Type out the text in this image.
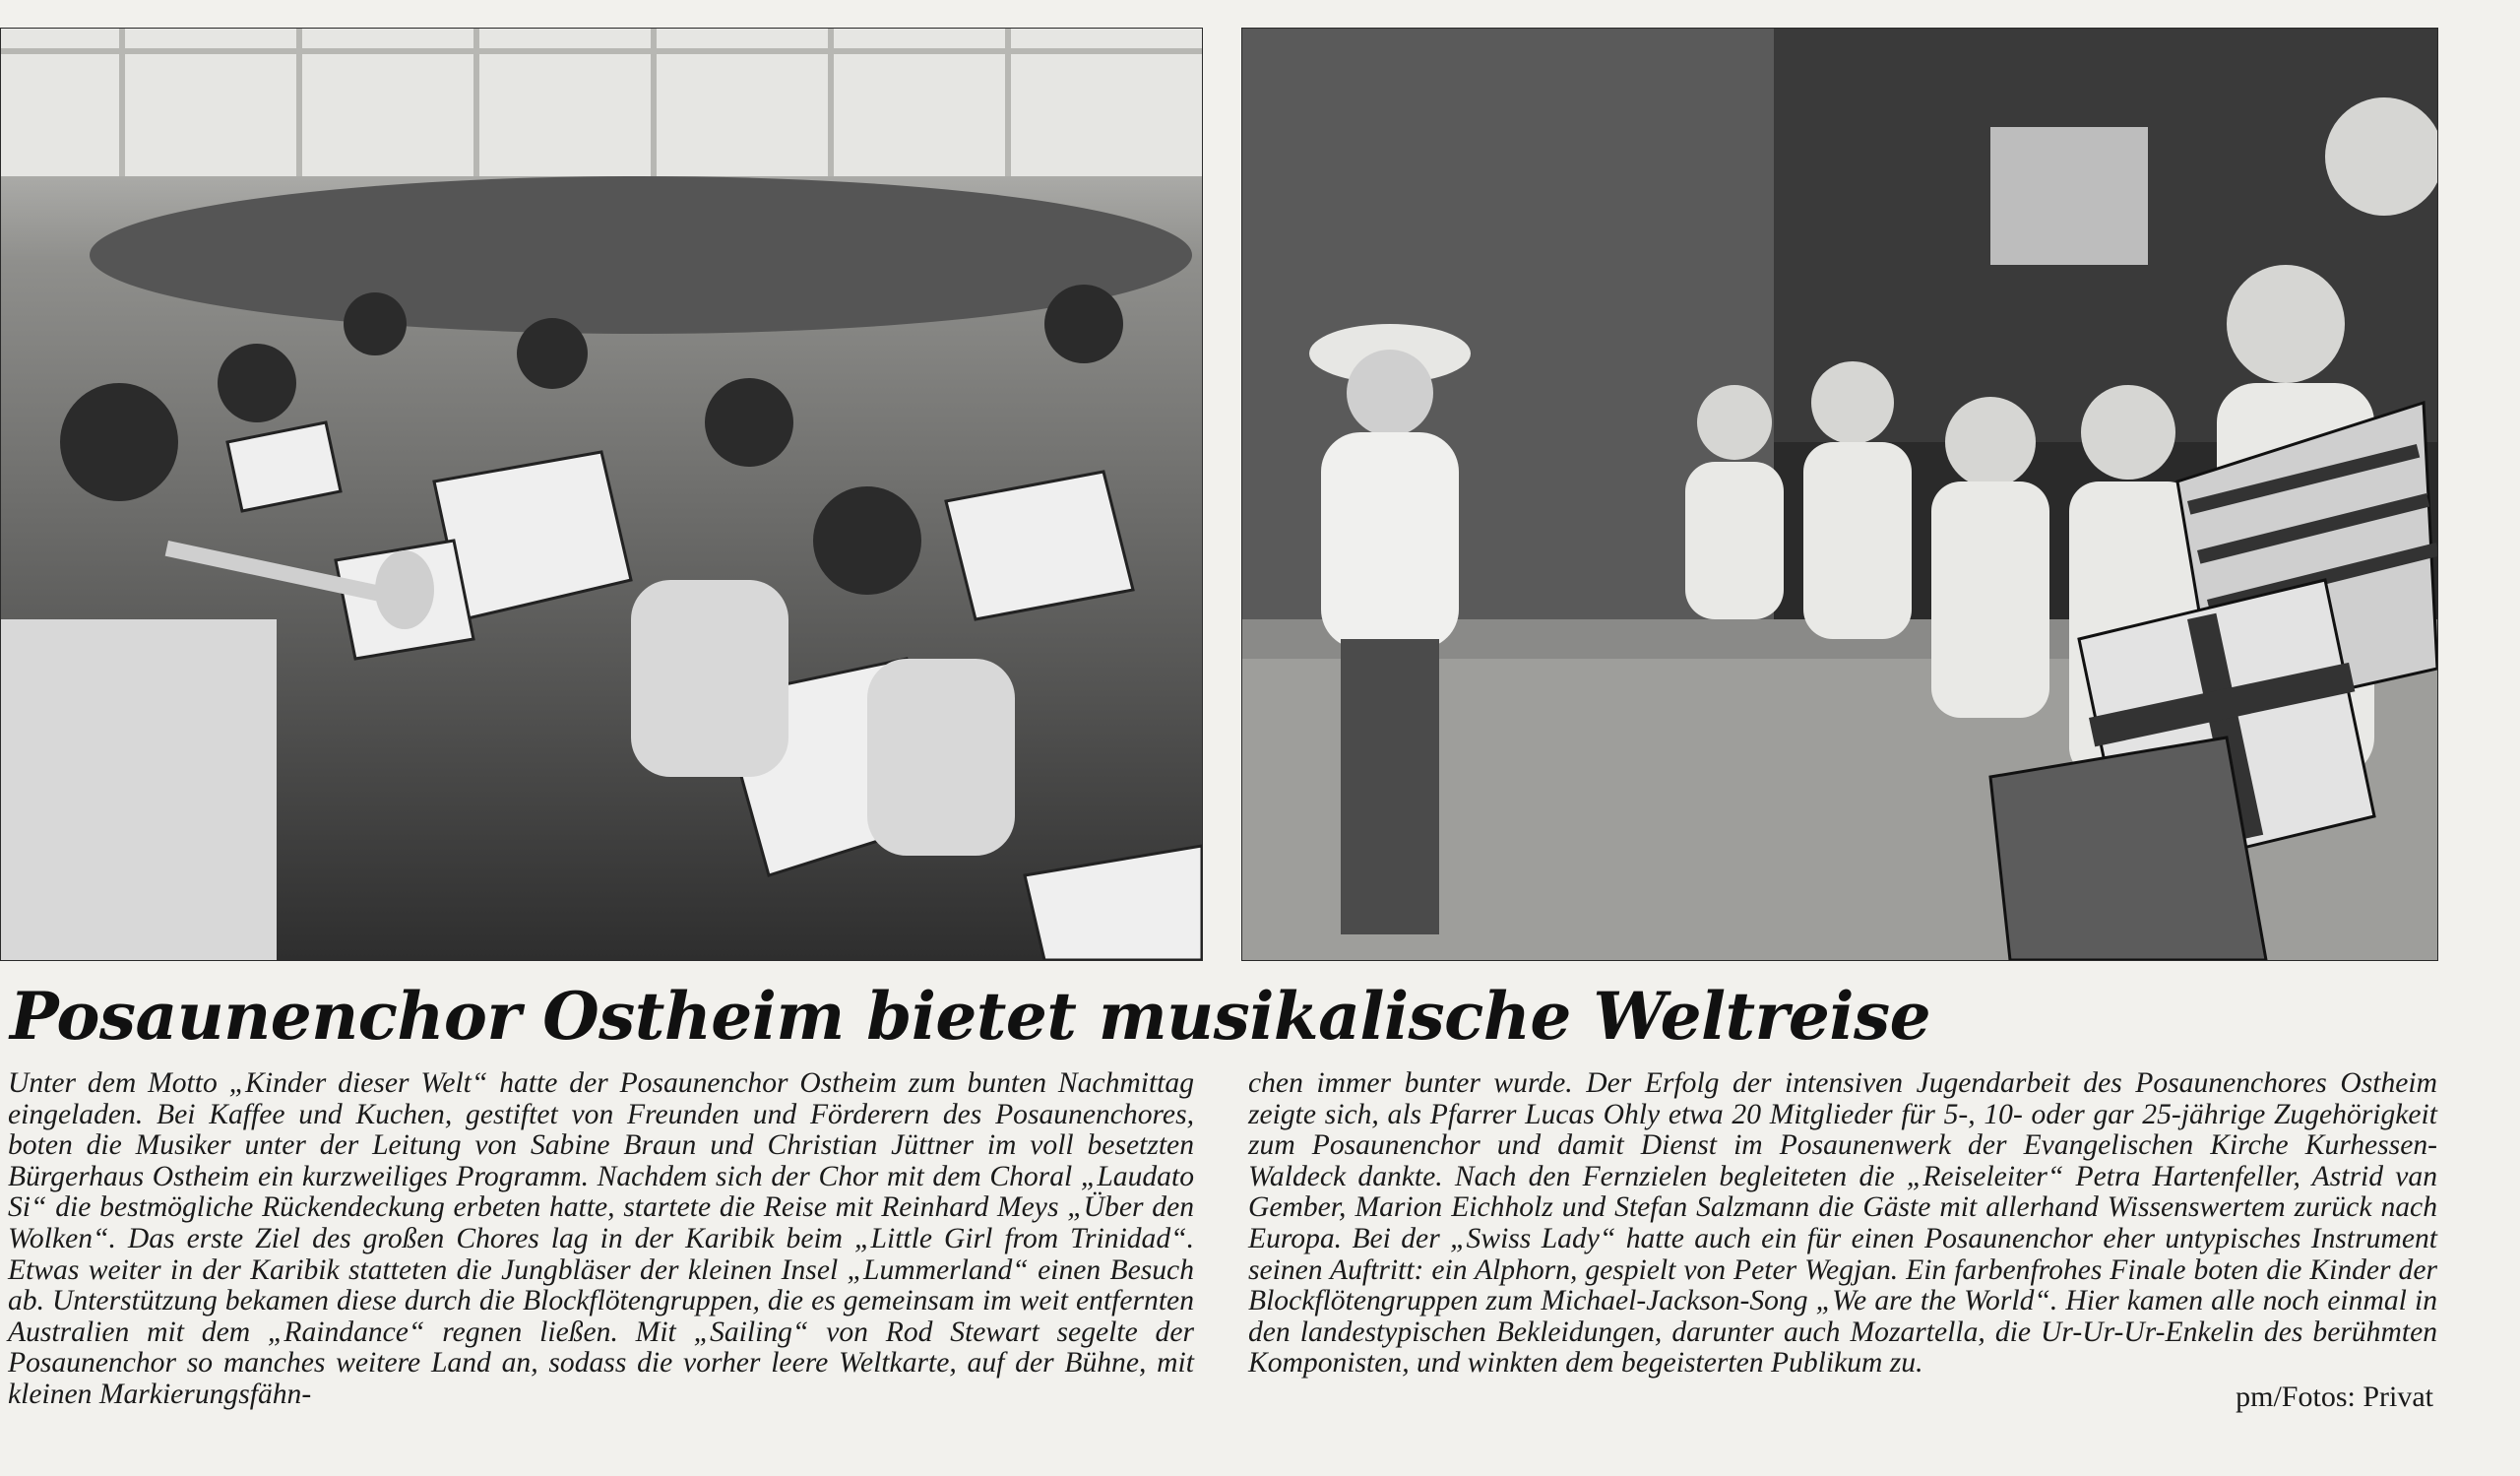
Posaunenchor Ostheim bietet musikalische Weltreise

Unter dem Motto „Kinder dieser Welt“ hatte der Posaunenchor Ostheim zum bunten Nachmittag eingeladen. Bei Kaffee und Kuchen, gestiftet von Freunden und Förderern des Posaunenchores, boten die Musiker unter der Leitung von Sabine Braun und Christian Jüttner im voll besetzten Bürgerhaus Ostheim ein kurzweiliges Programm. Nachdem sich der Chor mit dem Choral „Laudato Si“ die bestmögliche Rückendeckung erbeten hatte, startete die Reise mit Reinhard Meys „Über den Wolken“. Das erste Ziel des großen Chores lag in der Karibik beim „Little Girl from Trinidad“. Etwas weiter in der Karibik statteten die Jungbläser der kleinen Insel „Lummerland“ einen Besuch ab. Unterstützung bekamen diese durch die Blockflötengruppen, die es gemeinsam im weit entfernten Australien mit dem „Raindance“ regnen ließen. Mit „Sailing“ von Rod Stewart segelte der Posaunenchor so manches weitere Land an, sodass die vorher leere Weltkarte, auf der Bühne, mit kleinen Markierungsfähn-

chen immer bunter wurde. Der Erfolg der intensiven Jugendarbeit des Posaunenchores Ostheim zeigte sich, als Pfarrer Lucas Ohly etwa 20 Mitglieder für 5-, 10- oder gar 25-jährige Zugehörigkeit zum Posaunenchor und damit Dienst im Posaunenwerk der Evangelischen Kirche Kurhessen-Waldeck dankte. Nach den Fernzielen begleiteten die „Reiseleiter“ Petra Hartenfeller, Astrid van Gember, Marion Eichholz und Stefan Salzmann die Gäste mit allerhand Wissenswertem zurück nach Europa. Bei der „Swiss Lady“ hatte auch ein für einen Posaunenchor eher untypisches Instrument seinen Auftritt: ein Alphorn, gespielt von Peter Wegjan. Ein farbenfrohes Finale boten die Kinder der Blockflötengruppen zum Michael-Jackson-Song „We are the World“. Hier kamen alle noch einmal in den landestypischen Bekleidungen, darunter auch Mozartella, die Ur-Ur-Ur-Enkelin des berühmten Komponisten, und winkten dem begeisterten Publikum zu.

pm/Fotos: Privat
